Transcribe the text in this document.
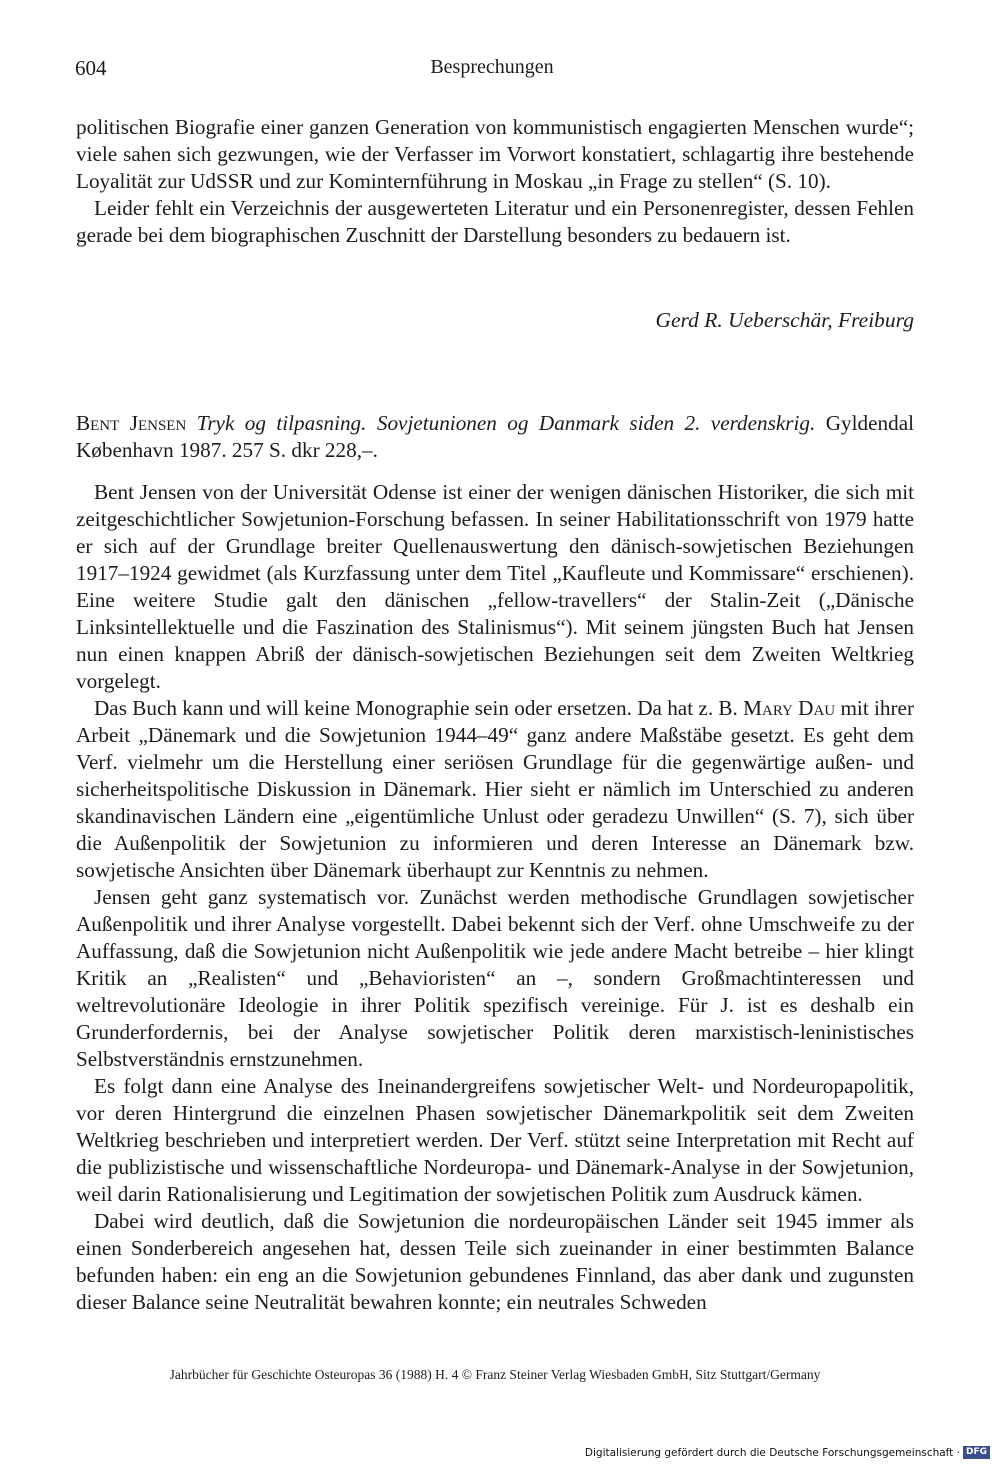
604	Besprechungen

politischen Biografie einer ganzen Generation von kommunistisch engagierten Menschen wurde“; viele sahen sich gezwungen, wie der Verfasser im Vorwort konstatiert, schlagartig ihre bestehende Loyalität zur UdSSR und zur Kominternführung in Moskau „in Frage zu stellen“ (S. 10).

Leider fehlt ein Verzeichnis der ausgewerteten Literatur und ein Personenregister, dessen Fehlen gerade bei dem biographischen Zuschnitt der Darstellung besonders zu bedauern ist.

Gerd R. Ueberschär, Freiburg
Bent Jensen Tryk og tilpasning. Sovjetunionen og Danmark siden 2. verdenskrig. Gyldendal København 1987. 257 S. dkr 228,–.

Bent Jensen von der Universität Odense ist einer der wenigen dänischen Historiker, die sich mit zeitgeschichtlicher Sowjetunion-Forschung befassen. In seiner Habilitationsschrift von 1979 hatte er sich auf der Grundlage breiter Quellenauswertung den dänisch-sowjetischen Beziehungen 1917–1924 gewidmet (als Kurzfassung unter dem Titel „Kaufleute und Kommissare“ erschienen). Eine weitere Studie galt den dänischen „fellow-travellers“ der Stalin-Zeit („Dänische Linksintellektuelle und die Faszination des Stalinismus“). Mit seinem jüngsten Buch hat Jensen nun einen knappen Abriß der dänisch-sowjetischen Beziehungen seit dem Zweiten Weltkrieg vorgelegt.

Das Buch kann und will keine Monographie sein oder ersetzen. Da hat z. B. Mary Dau mit ihrer Arbeit „Dänemark und die Sowjetunion 1944–49“ ganz andere Maßstäbe gesetzt. Es geht dem Verf. vielmehr um die Herstellung einer seriösen Grundlage für die gegenwärtige außen- und sicherheitspolitische Diskussion in Dänemark. Hier sieht er nämlich im Unterschied zu anderen skandinavischen Ländern eine „eigentümliche Unlust oder geradezu Unwillen“ (S. 7), sich über die Außenpolitik der Sowjetunion zu informieren und deren Interesse an Dänemark bzw. sowjetische Ansichten über Dänemark überhaupt zur Kenntnis zu nehmen.

Jensen geht ganz systematisch vor. Zunächst werden methodische Grundlagen sowjetischer Außenpolitik und ihrer Analyse vorgestellt. Dabei bekennt sich der Verf. ohne Umschweife zu der Auffassung, daß die Sowjetunion nicht Außenpolitik wie jede andere Macht betreibe – hier klingt Kritik an „Realisten“ und „Behavioristen“ an –, sondern Großmachtinteressen und weltrevolutionäre Ideologie in ihrer Politik spezifisch vereinige. Für J. ist es deshalb ein Grunderfordernis, bei der Analyse sowjetischer Politik deren marxistisch-leninistisches Selbstverständnis ernstzunehmen.

Es folgt dann eine Analyse des Ineinandergreifens sowjetischer Welt- und Nordeuropapolitik, vor deren Hintergrund die einzelnen Phasen sowjetischer Dänemarkpolitik seit dem Zweiten Weltkrieg beschrieben und interpretiert werden. Der Verf. stützt seine Interpretation mit Recht auf die publizistische und wissenschaftliche Nordeuropa- und Dänemark-Analyse in der Sowjetunion, weil darin Rationalisierung und Legitimation der sowjetischen Politik zum Ausdruck kämen.

Dabei wird deutlich, daß die Sowjetunion die nordeuropäischen Länder seit 1945 immer als einen Sonderbereich angesehen hat, dessen Teile sich zueinander in einer bestimmten Balance befunden haben: ein eng an die Sowjetunion gebundenes Finnland, das aber dank und zugunsten dieser Balance seine Neutralität bewahren konnte; ein neutrales Schweden

Jahrbücher für Geschichte Osteuropas 36 (1988) H. 4 © Franz Steiner Verlag Wiesbaden GmbH, Sitz Stuttgart/Germany
Digitalisierung gefördert durch die Deutsche Forschungsgemeinschaft · DFG
